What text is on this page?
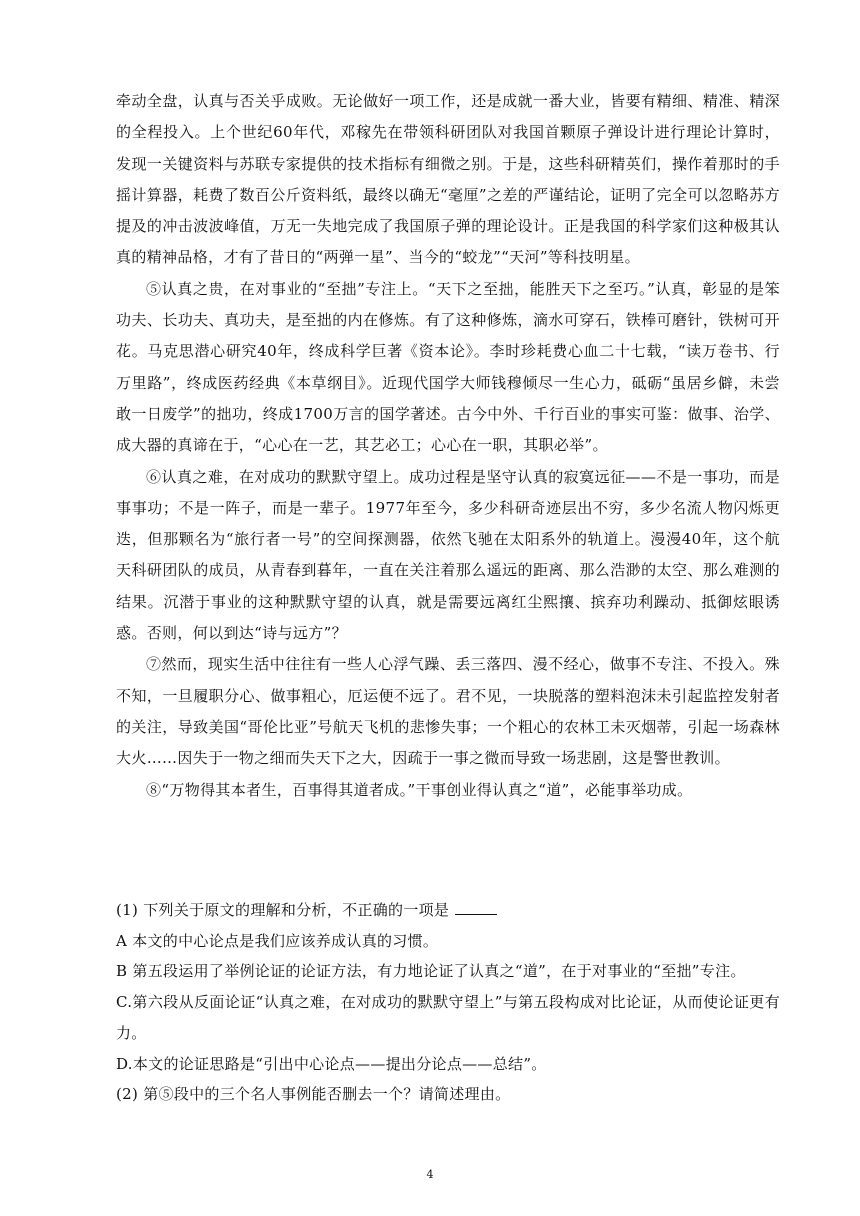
牵动全盘，认真与否关乎成败。无论做好一项工作，还是成就一番大业，皆要有精细、精准、精深的全程投入。上个世纪60年代，邓稼先在带领科研团队对我国首颗原子弹设计进行理论计算时，发现一关键资料与苏联专家提供的技术指标有细微之别。于是，这些科研精英们，操作着那时的手摇计算器，耗费了数百公斤资料纸，最终以确无“毫厘”之差的严谨结论，证明了完全可以忽略苏方提及的冲击波波峰值，万无一失地完成了我国原子弹的理论设计。正是我国的科学家们这种极其认真的精神品格，才有了昔日的“两弹一星”、当今的“蛟龙”“天河”等科技明星。

⑤认真之贵，在对事业的“至拙”专注上。“天下之至拙，能胜天下之至巧。”认真，彰显的是笨功夫、长功夫、真功夫，是至拙的内在修炼。有了这种修炼，滴水可穿石，铁棒可磨针，铁树可开花。马克思潜心研究40年，终成科学巨著《资本论》。李时珍耗费心血二十七载，“读万卷书、行万里路”，终成医药经典《本草纲目》。近现代国学大师钱穆倾尽一生心力，砥砺“虽居乡僻，未尝敢一日废学”的拙功，终成1700万言的国学著述。古今中外、千行百业的事实可鉴：做事、治学、成大器的真谛在于，“心心在一艺，其艺必工；心心在一职，其职必举”。

⑥认真之难，在对成功的默默守望上。成功过程是坚守认真的寂寞远征——不是一事功，而是事事功；不是一阵子，而是一辈子。1977年至今，多少科研奇迹层出不穷，多少名流人物闪烁更迭，但那颗名为“旅行者一号”的空间探测器，依然飞驰在太阳系外的轨道上。漫漫40年，这个航天科研团队的成员，从青春到暮年，一直在关注着那么遥远的距离、那么浩渺的太空、那么难测的结果。沉潜于事业的这种默默守望的认真，就是需要远离红尘熙攘、摈弃功利躁动、抵御炫眼诱惑。否则，何以到达“诗与远方”？

⑦然而，现实生活中往往有一些人心浮气躁、丢三落四、漫不经心，做事不专注、不投入。殊不知，一旦履职分心、做事粗心，厄运便不远了。君不见，一块脱落的塑料泡沫未引起监控发射者的关注，导致美国“哥伦比亚”号航天飞机的悲惨失事；一个粗心的农林工未灭烟蒂，引起一场森林大火……因失于一物之细而失天下之大，因疏于一事之微而导致一场悲剧，这是警世教训。

⑧“万物得其本者生，百事得其道者成。”干事创业得认真之“道”，必能事举功成。

(1) 下列关于原文的理解和分析，不正确的一项是

A 本文的中心论点是我们应该养成认真的习惯。

B 第五段运用了举例论证的论证方法，有力地论证了认真之“道”，在于对事业的“至拙”专注。

C.第六段从反面论证“认真之难，在对成功的默默守望上”与第五段构成对比论证，从而使论证更有力。

D.本文的论证思路是“引出中心论点——提出分论点——总结”。

(2) 第⑤段中的三个名人事例能否删去一个？请简述理由。

4
